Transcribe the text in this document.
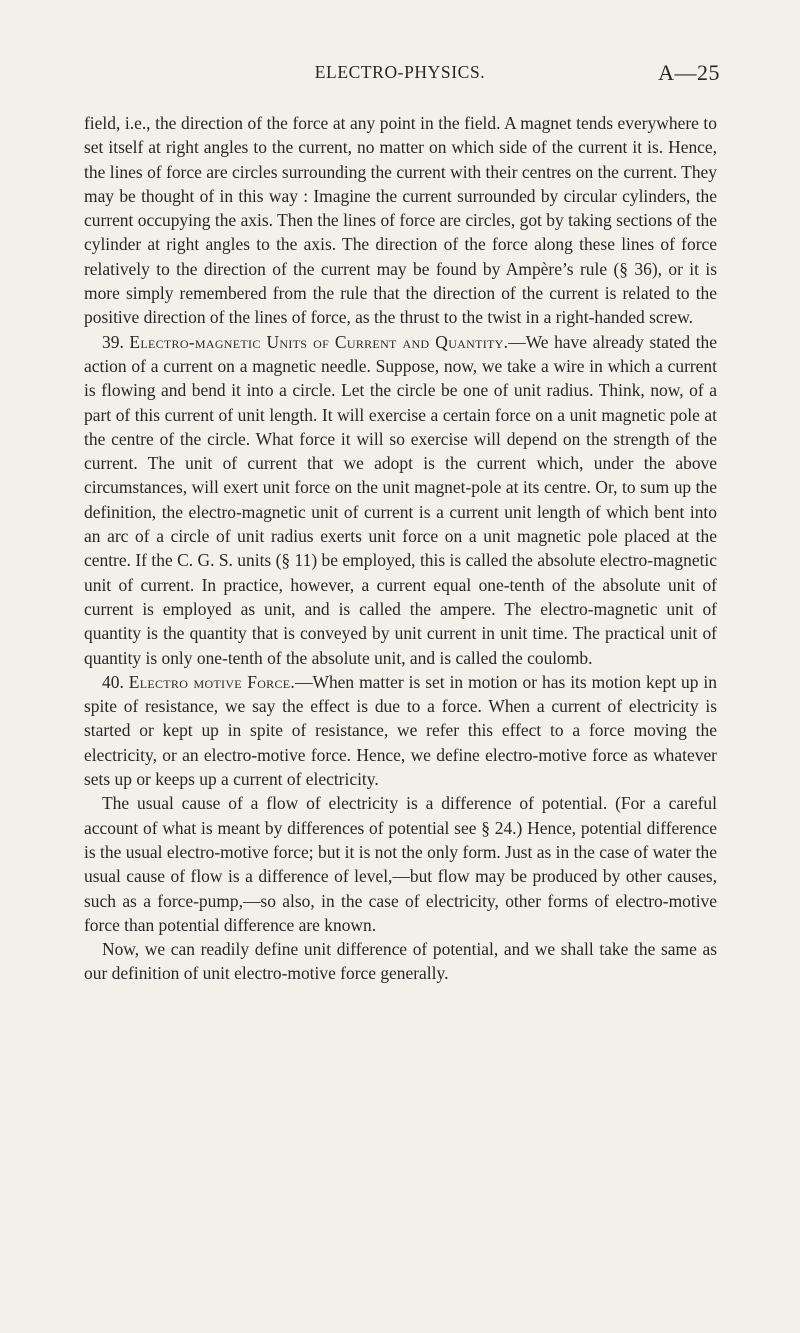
ELECTRO-PHYSICS.	A—25

field, i.e., the direction of the force at any point in the field. A magnet tends everywhere to set itself at right angles to the current, no matter on which side of the current it is. Hence, the lines of force are circles surrounding the current with their centres on the current. They may be thought of in this way : Imagine the current surrounded by circular cylinders, the current occupying the axis. Then the lines of force are circles, got by taking sections of the cylinder at right angles to the axis. The direction of the force along these lines of force relatively to the direction of the current may be found by Ampère’s rule (§ 36), or it is more simply remembered from the rule that the direction of the current is related to the positive direction of the lines of force, as the thrust to the twist in a right-handed screw.

39. Electro-magnetic Units of Current and Quantity.—We have already stated the action of a current on a magnetic needle. Suppose, now, we take a wire in which a current is flowing and bend it into a circle. Let the circle be one of unit radius. Think, now, of a part of this current of unit length. It will exercise a certain force on a unit magnetic pole at the centre of the circle. What force it will so exercise will depend on the strength of the current. The unit of current that we adopt is the current which, under the above circumstances, will exert unit force on the unit magnet-pole at its centre. Or, to sum up the definition, the electro-magnetic unit of current is a current unit length of which bent into an arc of a circle of unit radius exerts unit force on a unit magnetic pole placed at the centre. If the C. G. S. units (§ 11) be employed, this is called the absolute electro-magnetic unit of current. In practice, however, a current equal one-tenth of the absolute unit of current is employed as unit, and is called the ampere. The electro-magnetic unit of quantity is the quantity that is conveyed by unit current in unit time. The practical unit of quantity is only one-tenth of the absolute unit, and is called the coulomb.

40. Electro motive Force.—When matter is set in motion or has its motion kept up in spite of resistance, we say the effect is due to a force. When a current of electricity is started or kept up in spite of resistance, we refer this effect to a force moving the electricity, or an electro-motive force. Hence, we define electro-motive force as whatever sets up or keeps up a current of electricity.

The usual cause of a flow of electricity is a difference of potential. (For a careful account of what is meant by differences of potential see § 24.) Hence, potential difference is the usual electro-motive force; but it is not the only form. Just as in the case of water the usual cause of flow is a difference of level,—but flow may be produced by other causes, such as a force-pump,—so also, in the case of electricity, other forms of electro-motive force than potential difference are known.

Now, we can readily define unit difference of potential, and we shall take the same as our definition of unit electro-motive force generally.
